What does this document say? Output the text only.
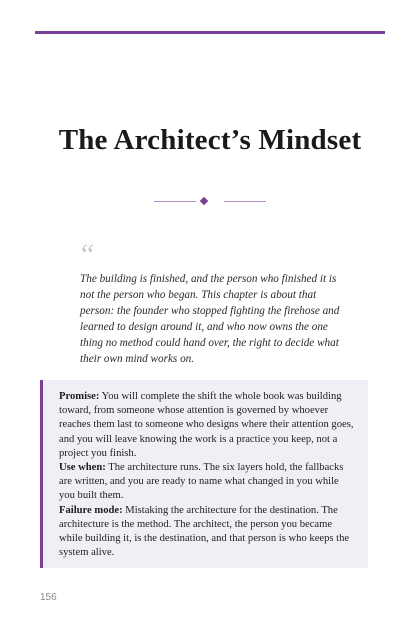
The Architect’s Mindset
“
The building is finished, and the person who finished it is not the person who began. This chapter is about that person: the founder who stopped fighting the firehose and learned to design around it, and who now owns the one thing no method could hand over, the right to decide what their own mind works on.

Promise: You will complete the shift the whole book was building toward, from someone whose attention is governed by whoever reaches them last to someone who designs where their attention goes, and you will leave knowing the work is a practice you keep, not a project you finish.

Use when: The architecture runs. The six layers hold, the fallbacks are written, and you are ready to name what changed in you while you built them.

Failure mode: Mistaking the architecture for the destination. The architecture is the method. The architect, the person you became while building it, is the destination, and that person is who keeps the system alive.

156
